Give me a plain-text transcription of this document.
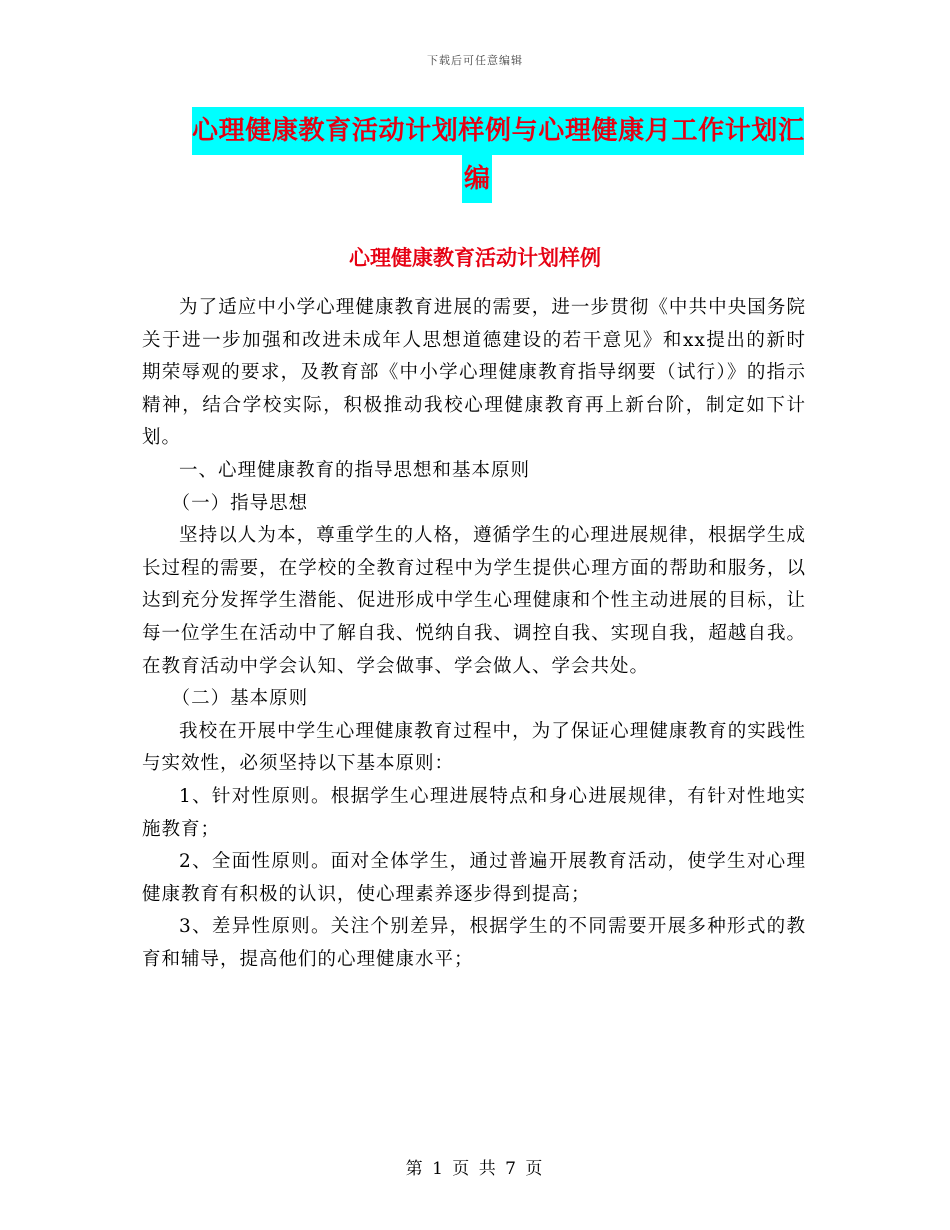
下载后可任意编辑
心理健康教育活动计划样例与心理健康月工作计划汇
编
心理健康教育活动计划样例

为了适应中小学心理健康教育进展的需要，进一步贯彻《中共中央国务院关于进一步加强和改进未成年人思想道德建设的若干意见》和xx提出的新时期荣辱观的要求，及教育部《中小学心理健康教育指导纲要（试行）》的指示精神，结合学校实际，积极推动我校心理健康教育再上新台阶，制定如下计划。

一、心理健康教育的指导思想和基本原则

（一）指导思想

坚持以人为本，尊重学生的人格，遵循学生的心理进展规律，根据学生成长过程的需要，在学校的全教育过程中为学生提供心理方面的帮助和服务，以达到充分发挥学生潜能、促进形成中学生心理健康和个性主动进展的目标，让每一位学生在活动中了解自我、悦纳自我、调控自我、实现自我，超越自我。在教育活动中学会认知、学会做事、学会做人、学会共处。

（二）基本原则

我校在开展中学生心理健康教育过程中，为了保证心理健康教育的实践性与实效性，必须坚持以下基本原则：

1、针对性原则。根据学生心理进展特点和身心进展规律，有针对性地实施教育；

2、全面性原则。面对全体学生，通过普遍开展教育活动，使学生对心理健康教育有积极的认识，使心理素养逐步得到提高；

3、差异性原则。关注个别差异，根据学生的不同需要开展多种形式的教育和辅导，提高他们的心理健康水平；

第 1 页 共 7 页
